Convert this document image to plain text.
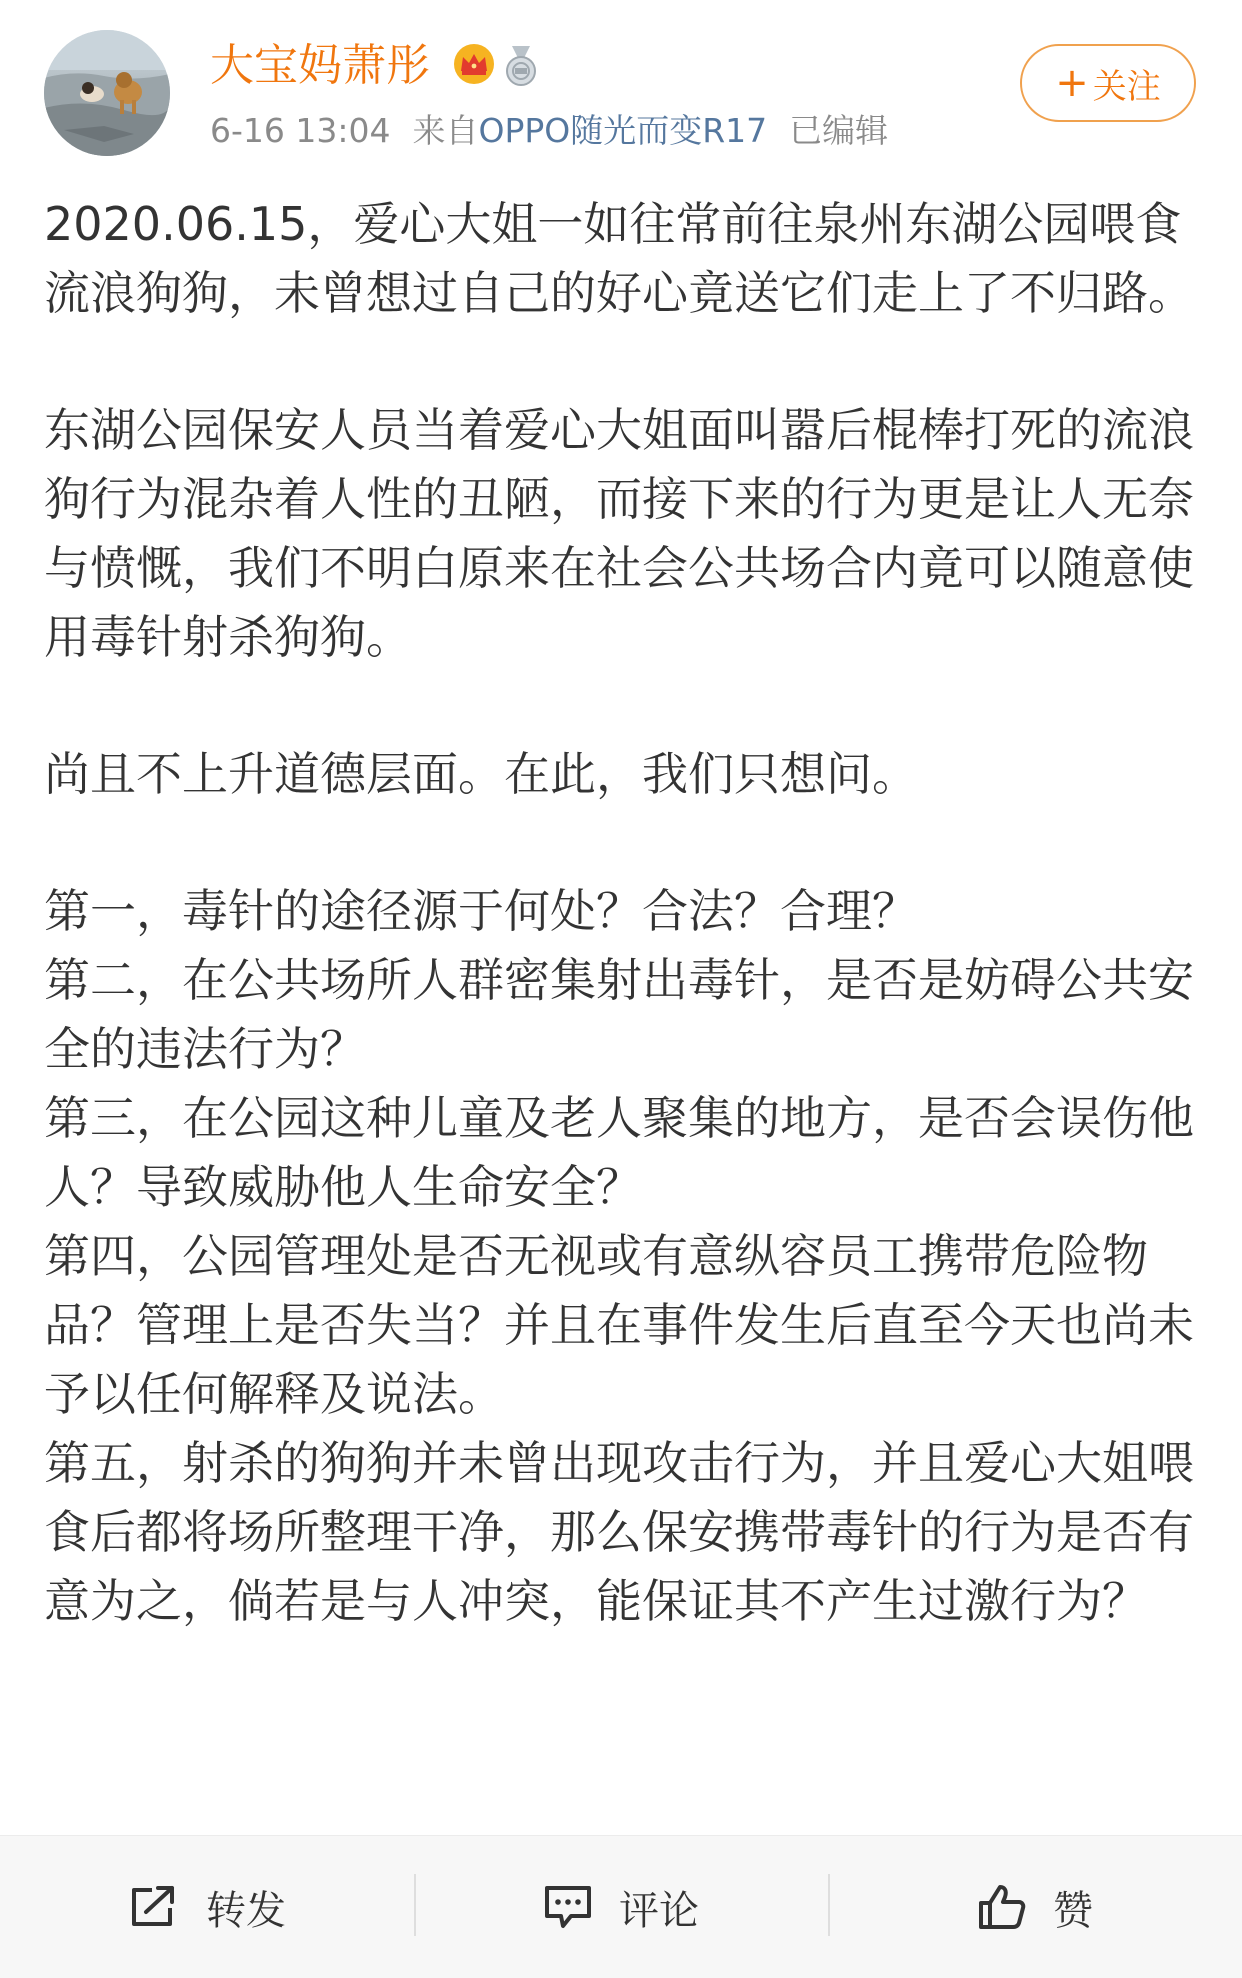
大宝妈萧彤
6-16 13:04 来自OPPO随光而变R17 已编辑
+ 关注

2020.06.15，爱心大姐一如往常前往泉州东湖公园喂食流浪狗狗，未曾想过自己的好心竟送它们走上了不归路。

东湖公园保安人员当着爱心大姐面叫嚣后棍棒打死的流浪狗行为混杂着人性的丑陋，而接下来的行为更是让人无奈与愤慨，我们不明白原来在社会公共场合内竟可以随意使用毒针射杀狗狗。

尚且不上升道德层面。在此，我们只想问。

第一，毒针的途径源于何处？合法？合理？
第二，在公共场所人群密集射出毒针，是否是妨碍公共安全的违法行为？
第三，在公园这种儿童及老人聚集的地方，是否会误伤他人？导致威胁他人生命安全？
第四，公园管理处是否无视或有意纵容员工携带危险物品？管理上是否失当？并且在事件发生后直至今天也尚未予以任何解释及说法。
第五，射杀的狗狗并未曾出现攻击行为，并且爱心大姐喂食后都将场所整理干净，那么保安携带毒针的行为是否有意为之，倘若是与人冲突，能保证其不产生过激行为？

转发	评论	赞
